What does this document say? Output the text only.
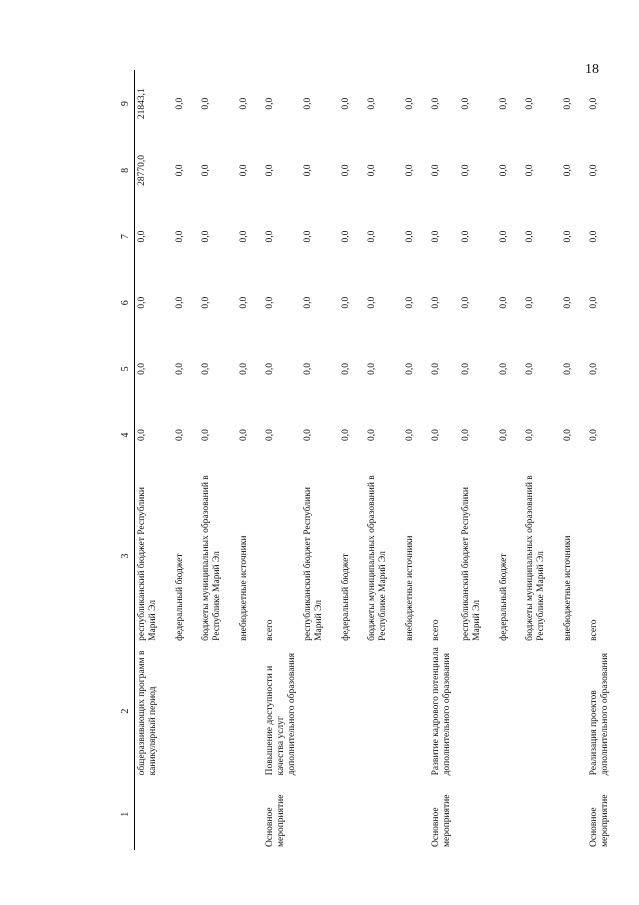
18
1	2	3	4	5	6	7	8	9
	общеразвивающих программ в каникулярный период	республиканский бюджет Республики Марий Эл	0,0	0,0	0,0	0,0	28770,0	21843,1
		федеральный бюджет	0,0	0,0	0,0	0,0	0,0	0,0
		бюджеты муниципальных образований в Республике Марий Эл	0,0	0,0	0,0	0,0	0,0	0,0
		внебюджетные источники	0,0	0,0	0,0	0,0	0,0	0,0
Основное мероприятие	Повышение доступности и качества услуг дополнительного образования	всего	0,0	0,0	0,0	0,0	0,0	0,0
		республиканский бюджет Республики Марий Эл	0,0	0,0	0,0	0,0	0,0	0,0
		федеральный бюджет	0,0	0,0	0,0	0,0	0,0	0,0
		бюджеты муниципальных образований в Республике Марий Эл	0,0	0,0	0,0	0,0	0,0	0,0
		внебюджетные источники	0,0	0,0	0,0	0,0	0,0	0,0
Основное мероприятие	Развитие кадрового потенциала дополнительного образования	всего	0,0	0,0	0,0	0,0	0,0	0,0
		республиканский бюджет Республики Марий Эл	0,0	0,0	0,0	0,0	0,0	0,0
		федеральный бюджет	0,0	0,0	0,0	0,0	0,0	0,0
		бюджеты муниципальных образований в Республике Марий Эл	0,0	0,0	0,0	0,0	0,0	0,0
		внебюджетные источники	0,0	0,0	0,0	0,0	0,0	0,0
Основное мероприятие	Реализация проектов дополнительного образования	всего	0,0	0,0	0,0	0,0	0,0	0,0
